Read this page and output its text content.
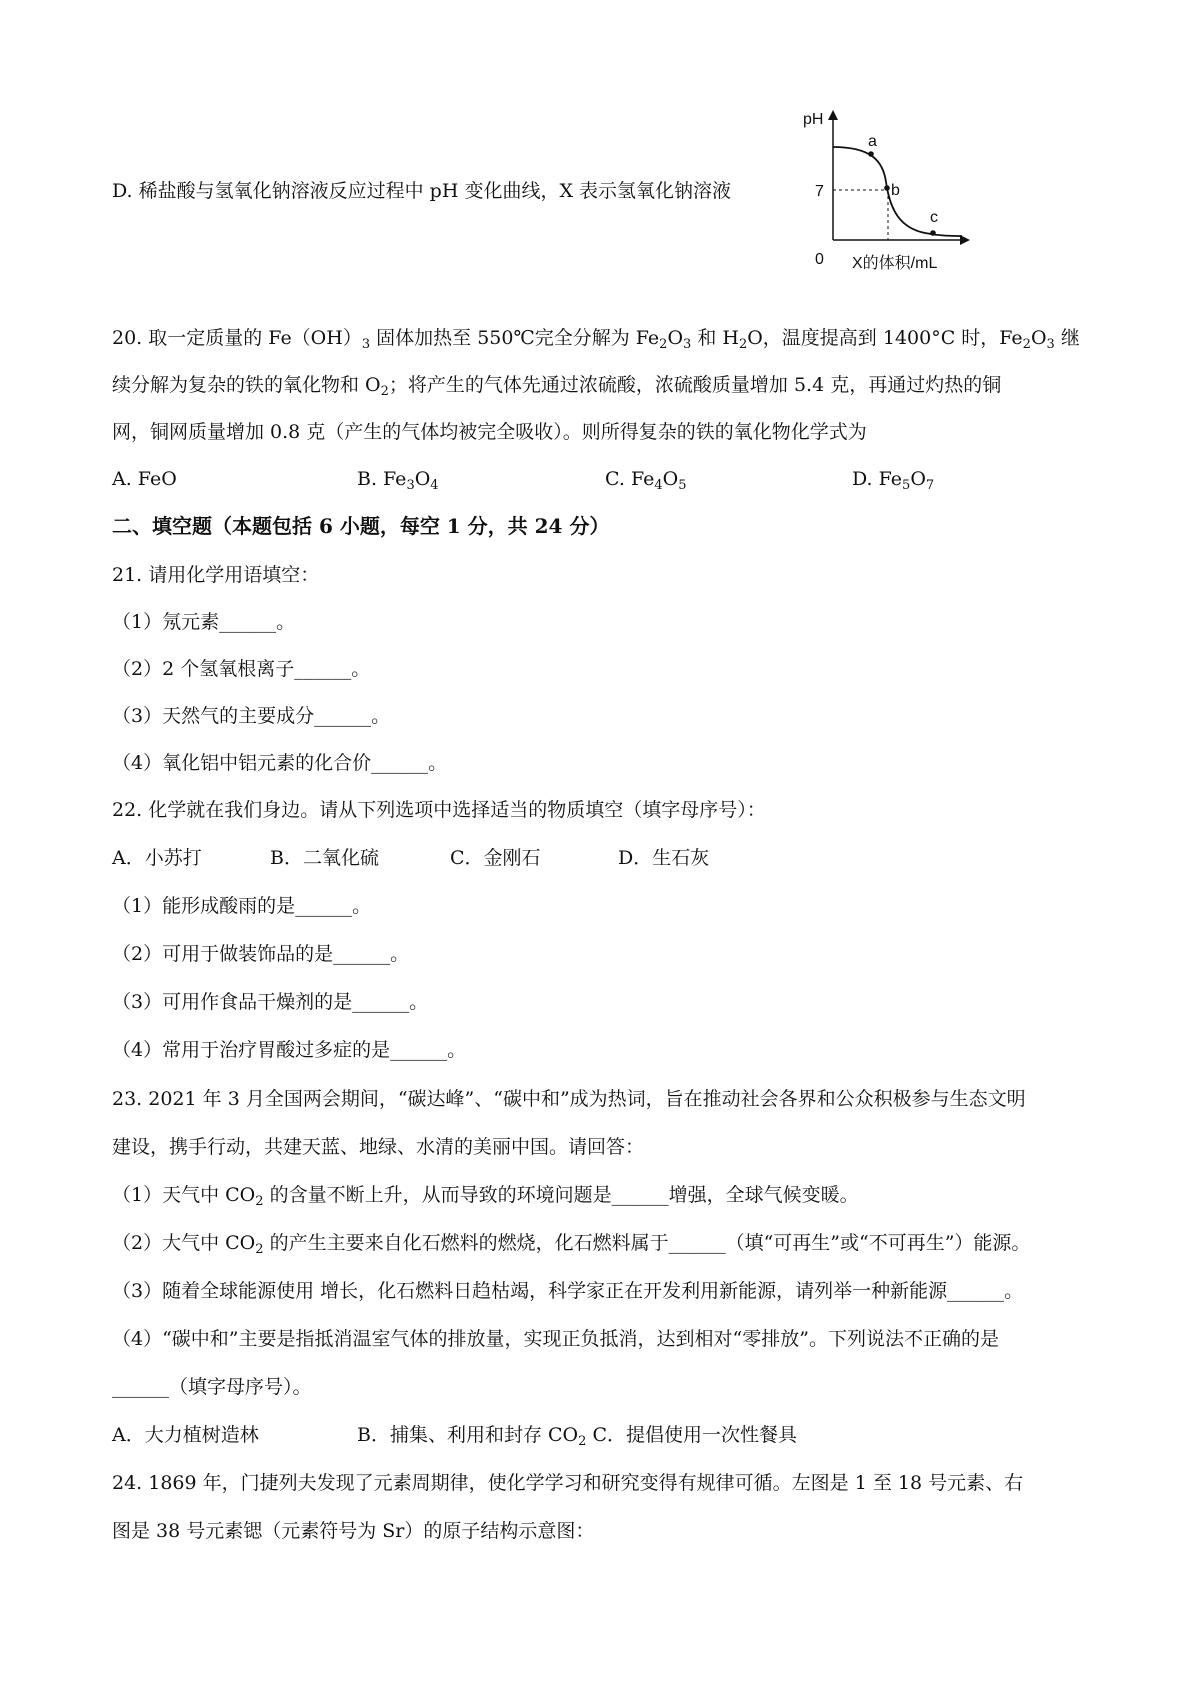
D. 稀盐酸与氢氧化钠溶液反应过程中 pH 变化曲线，X 表示氢氧化钠溶液
pH
7
0 X的体积/mL
a
b
c
20. 取一定质量的 $Fe(OH)_3$ 固体加热至 550℃完全分解为 $Fe_2O_3$ 和 $H_2O$，温度提高到 1400°C 时，$Fe_2O_3$ 继
续分解为复杂的铁的氧化物和 $O_2$；将产生的气体先通过浓硫酸，浓硫酸质量增加 5.4 克，再通过灼热的铜
网，铜网质量增加 0.8 克（产生的气体均被完全吸收）。则所得复杂的铁的氧化物化学式为
A. FeO	B. $Fe_3O_4$	C. $Fe_4O_5$	D. $Fe_5O_7$
二、填空题（本题包括 6 小题，每空 1 分，共 24 分）
21. 请用化学用语填空：
（1）氖元素______。
（2）2 个氢氧根离子______。
（3）天然气的主要成分______。
（4）氧化铝中铝元素的化合价______。
22. 化学就在我们身边。请从下列选项中选择适当的物质填空（填字母序号）：
A．小苏打	B．二氧化硫	C．金刚石	D．生石灰
（1）能形成酸雨的是______。
（2）可用于做装饰品的是______。
（3）可用作食品干燥剂的是______。
（4）常用于治疗胃酸过多症的是______。
23. 2021 年 3 月全国两会期间，“碳达峰”、“碳中和”成为热词，旨在推动社会各界和公众积极参与生态文明
建设，携手行动，共建天蓝、地绿、水清的美丽中国。请回答：
（1）天气中 $CO_2$ 的含量不断上升，从而导致的环境问题是______增强，全球气候变暖。
（2）大气中 $CO_2$ 的产生主要来自化石燃料的燃烧，化石燃料属于______（填“可再生”或“不可再生”）能源。
（3）随着全球能源使用 增长，化石燃料日趋枯竭，科学家正在开发利用新能源，请列举一种新能源______。
（4）“碳中和”主要是指抵消温室气体的排放量，实现正负抵消，达到相对“零排放”。下列说法不正确的是
______（填字母序号）。
A．大力植树造林	B．捕集、利用和封存 $CO_2$ C．提倡使用一次性餐具
24. 1869 年，门捷列夫发现了元素周期律，使化学学习和研究变得有规律可循。左图是 1 至 18 号元素、右
图是 38 号元素锶（元素符号为 Sr）的原子结构示意图：
